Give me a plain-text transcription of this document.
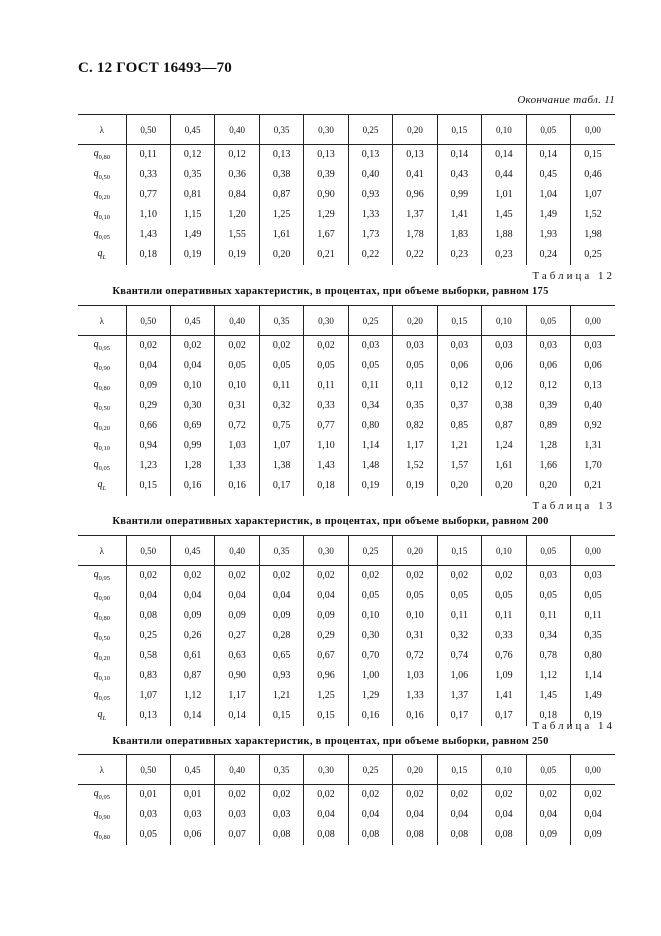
С. 12 ГОСТ 16493—70
Окончание табл. 11
λ	0,50	0,45	0,40	0,35	0,30	0,25	0,20	0,15	0,10	0,05	0,00
$q_{0,80}$	0,11	0,12	0,12	0,13	0,13	0,13	0,13	0,14	0,14	0,14	0,15
$q_{0,50}$	0,33	0,35	0,36	0,38	0,39	0,40	0,41	0,43	0,44	0,45	0,46
$q_{0,20}$	0,77	0,81	0,84	0,87	0,90	0,93	0,96	0,99	1,01	1,04	1,07
$q_{0,10}$	1,10	1,15	1,20	1,25	1,29	1,33	1,37	1,41	1,45	1,49	1,52
$q_{0,05}$	1,43	1,49	1,55	1,61	1,67	1,73	1,78	1,83	1,88	1,93	1,98
$q_L$	0,18	0,19	0,19	0,20	0,21	0,22	0,22	0,23	0,23	0,24	0,25
Таблица 12
Квантили оперативных характеристик, в процентах, при объеме выборки, равном 175
λ	0,50	0,45	0,40	0,35	0,30	0,25	0,20	0,15	0,10	0,05	0,00
$q_{0,95}$	0,02	0,02	0,02	0,02	0,02	0,03	0,03	0,03	0,03	0,03	0,03
$q_{0,90}$	0,04	0,04	0,05	0,05	0,05	0,05	0,05	0,06	0,06	0,06	0,06
$q_{0,80}$	0,09	0,10	0,10	0,11	0,11	0,11	0,11	0,12	0,12	0,12	0,13
$q_{0,50}$	0,29	0,30	0,31	0,32	0,33	0,34	0,35	0,37	0,38	0,39	0,40
$q_{0,20}$	0,66	0,69	0,72	0,75	0,77	0,80	0,82	0,85	0,87	0,89	0,92
$q_{0,10}$	0,94	0,99	1,03	1,07	1,10	1,14	1,17	1,21	1,24	1,28	1,31
$q_{0,05}$	1,23	1,28	1,33	1,38	1,43	1,48	1,52	1,57	1,61	1,66	1,70
$q_L$	0,15	0,16	0,16	0,17	0,18	0,19	0,19	0,20	0,20	0,20	0,21
Таблица 13
Квантили оперативных характеристик, в процентах, при объеме выборки, равном 200
λ	0,50	0,45	0,40	0,35	0,30	0,25	0,20	0,15	0,10	0,05	0,00
$q_{0,95}$	0,02	0,02	0,02	0,02	0,02	0,02	0,02	0,02	0,02	0,03	0,03
$q_{0,90}$	0,04	0,04	0,04	0,04	0,04	0,05	0,05	0,05	0,05	0,05	0,05
$q_{0,80}$	0,08	0,09	0,09	0,09	0,09	0,10	0,10	0,11	0,11	0,11	0,11
$q_{0,50}$	0,25	0,26	0,27	0,28	0,29	0,30	0,31	0,32	0,33	0,34	0,35
$q_{0,20}$	0,58	0,61	0,63	0,65	0,67	0,70	0,72	0,74	0,76	0,78	0,80
$q_{0,10}$	0,83	0,87	0,90	0,93	0,96	1,00	1,03	1,06	1,09	1,12	1,14
$q_{0,05}$	1,07	1,12	1,17	1,21	1,25	1,29	1,33	1,37	1,41	1,45	1,49
$q_L$	0,13	0,14	0,14	0,15	0,15	0,16	0,16	0,17	0,17	0,18	0,19
Таблица 14
Квантили оперативных характеристик, в процентах, при объеме выборки, равном 250
λ	0,50	0,45	0,40	0,35	0,30	0,25	0,20	0,15	0,10	0,05	0,00
$q_{0,95}$	0,01	0,01	0,02	0,02	0,02	0,02	0,02	0,02	0,02	0,02	0,02
$q_{0,90}$	0,03	0,03	0,03	0,03	0,04	0,04	0,04	0,04	0,04	0,04	0,04
$q_{0,80}$	0,05	0,06	0,07	0,08	0,08	0,08	0,08	0,08	0,08	0,09	0,09
